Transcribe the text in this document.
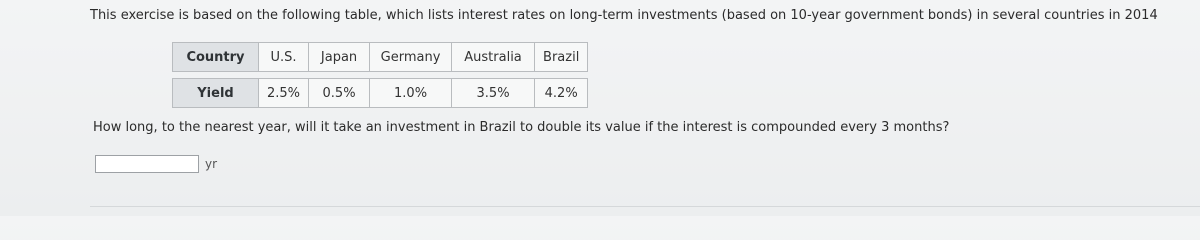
This exercise is based on the following table, which lists interest rates on long-term investments (based on 10-year government bonds) in several countries in 2014
Country	U.S.	Japan	Germany	Australia	Brazil

Yield	2.5%	0.5%	1.0%	3.5%	4.2%
How long, to the nearest year, will it take an investment in Brazil to double its value if the interest is compounded every 3 months?
yr
